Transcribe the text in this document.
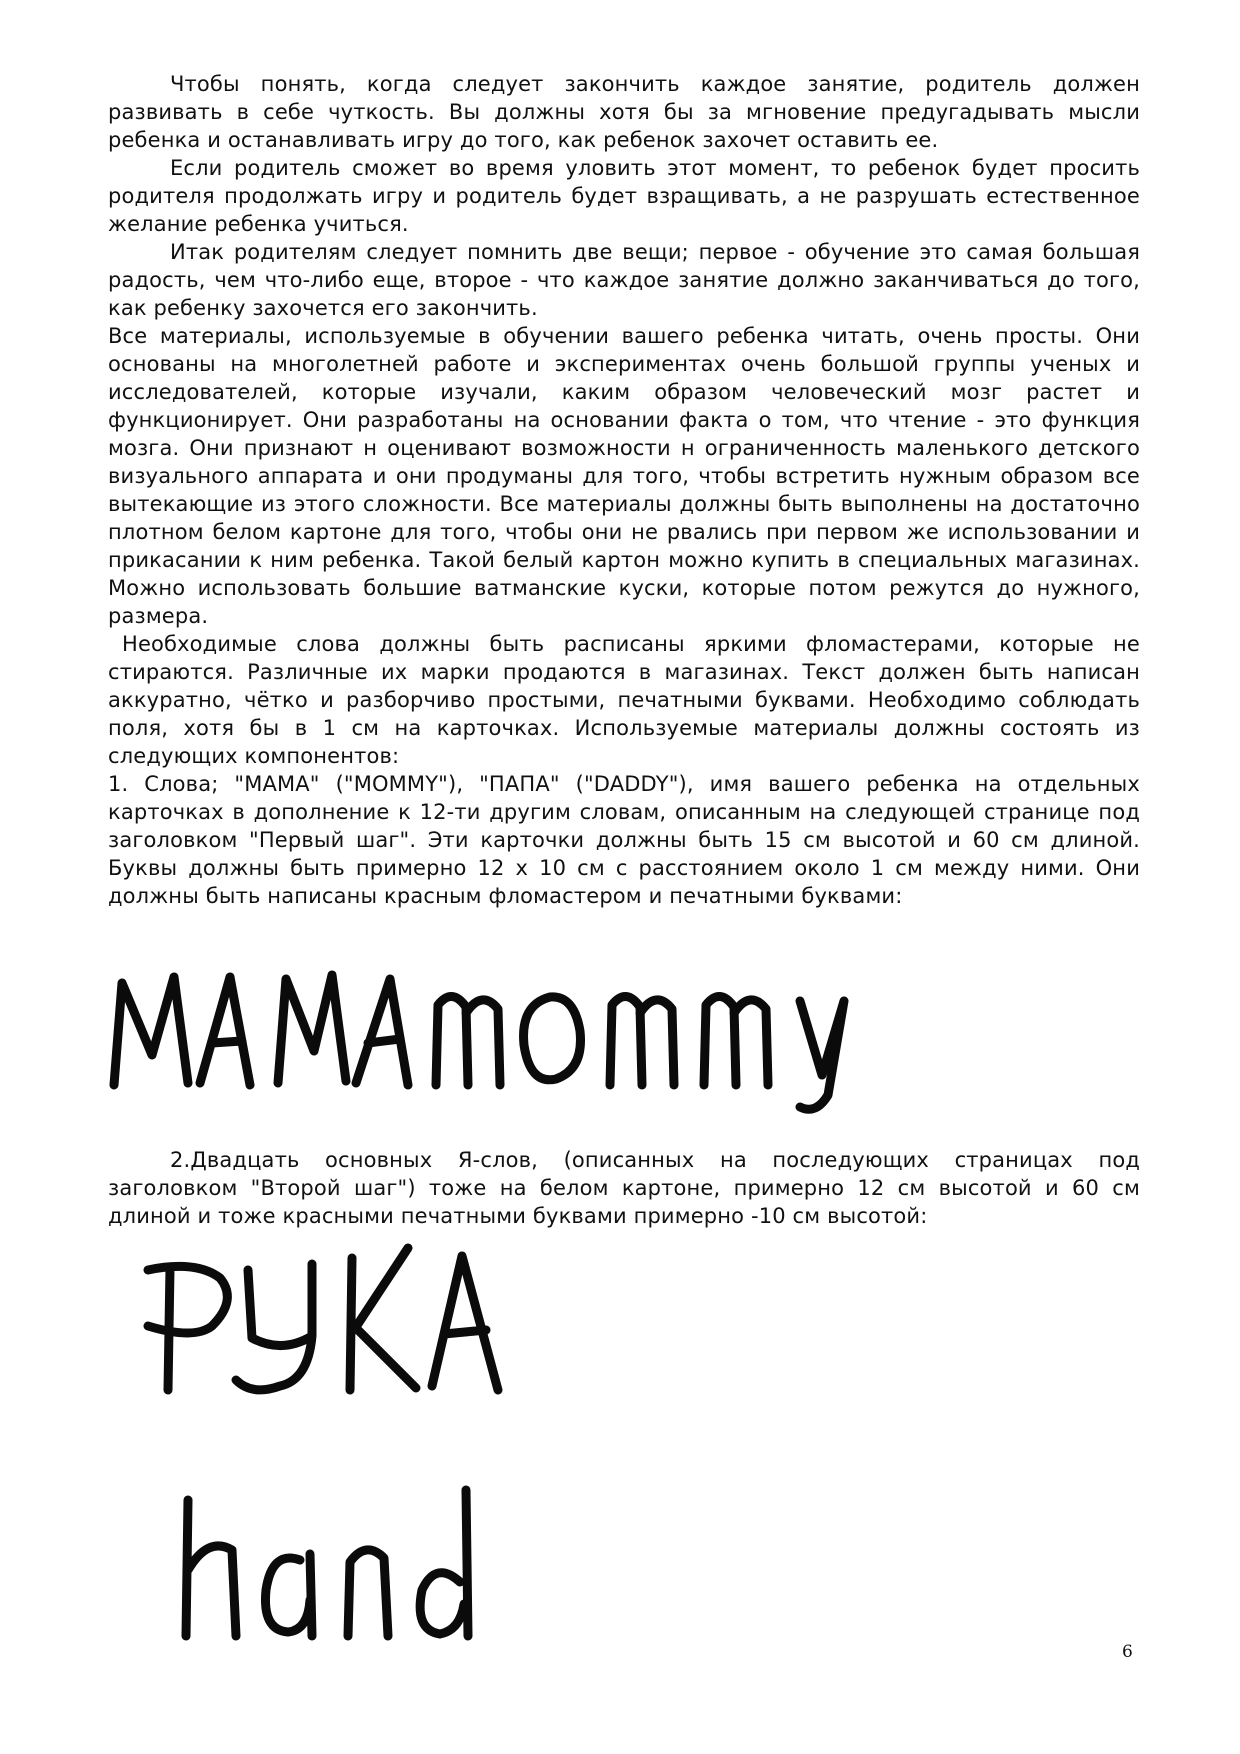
Чтобы понять, когда следует закончить каждое занятие, родитель должен развивать в себе чуткость. Вы должны хотя бы за мгновение предугадывать мысли ребенка и останавливать игру до того, как ребенок захочет оставить ее.

Если родитель сможет во время уловить этот момент, то ребенок будет просить родителя продолжать игру и родитель будет взращивать, а не разрушать естественное желание ребенка учиться.

Итак родителям следует помнить две вещи; первое - обучение это самая большая радость, чем что-либо еще, второе - что каждое занятие должно заканчиваться до того, как ребенку захочется его закончить.

Все материалы, используемые в обучении вашего ребенка читать, очень просты. Они основаны на многолетней работе и экспериментах очень большой группы ученых и исследователей, которые изучали, каким образом человеческий мозг растет и функционирует. Они разработаны на основании факта о том, что чтение - это функция мозга. Они признают н оценивают возможности н ограниченность маленького детского визуального аппарата и они продуманы для того, чтобы встретить нужным образом все вытекающие из этого сложности. Все материалы должны быть выполнены на достаточно плотном белом картоне для того, чтобы они не рвались при первом же использовании и прикасании к ним ребенка. Такой белый картон можно купить в специальных магазинах. Можно использовать большие ватманские куски, которые потом режутся до нужного, размера.

Необходимые слова должны быть расписаны яркими фломастерами, которые не стираются. Различные их марки продаются в магазинах. Текст должен быть написан аккуратно, чётко и разборчиво простыми, печатными буквами. Необходимо соблюдать поля, хотя бы в 1 см на карточках. Используемые материалы должны состоять из следующих компонентов:

1. Слова; "МАМА" ("MOMMY"), "ПАПА" ("DADDY"), имя вашего ребенка на отдельных карточках в дополнение к 12-ти другим словам, описанным на следующей странице под заголовком "Первый шаг". Эти карточки должны быть 15 см высотой и 60 см длиной. Буквы должны быть примерно 12 х 10 см с расстоянием около 1 см между ними. Они должны быть написаны красным фломастером и печатными буквами:

2.Двадцать основных Я-слов, (описанных на последующих страницах под заголовком "Второй шаг") тоже на белом картоне, примерно 12 см высотой и 60 см длиной и тоже красными печатными буквами примерно -10 см высотой:

6
